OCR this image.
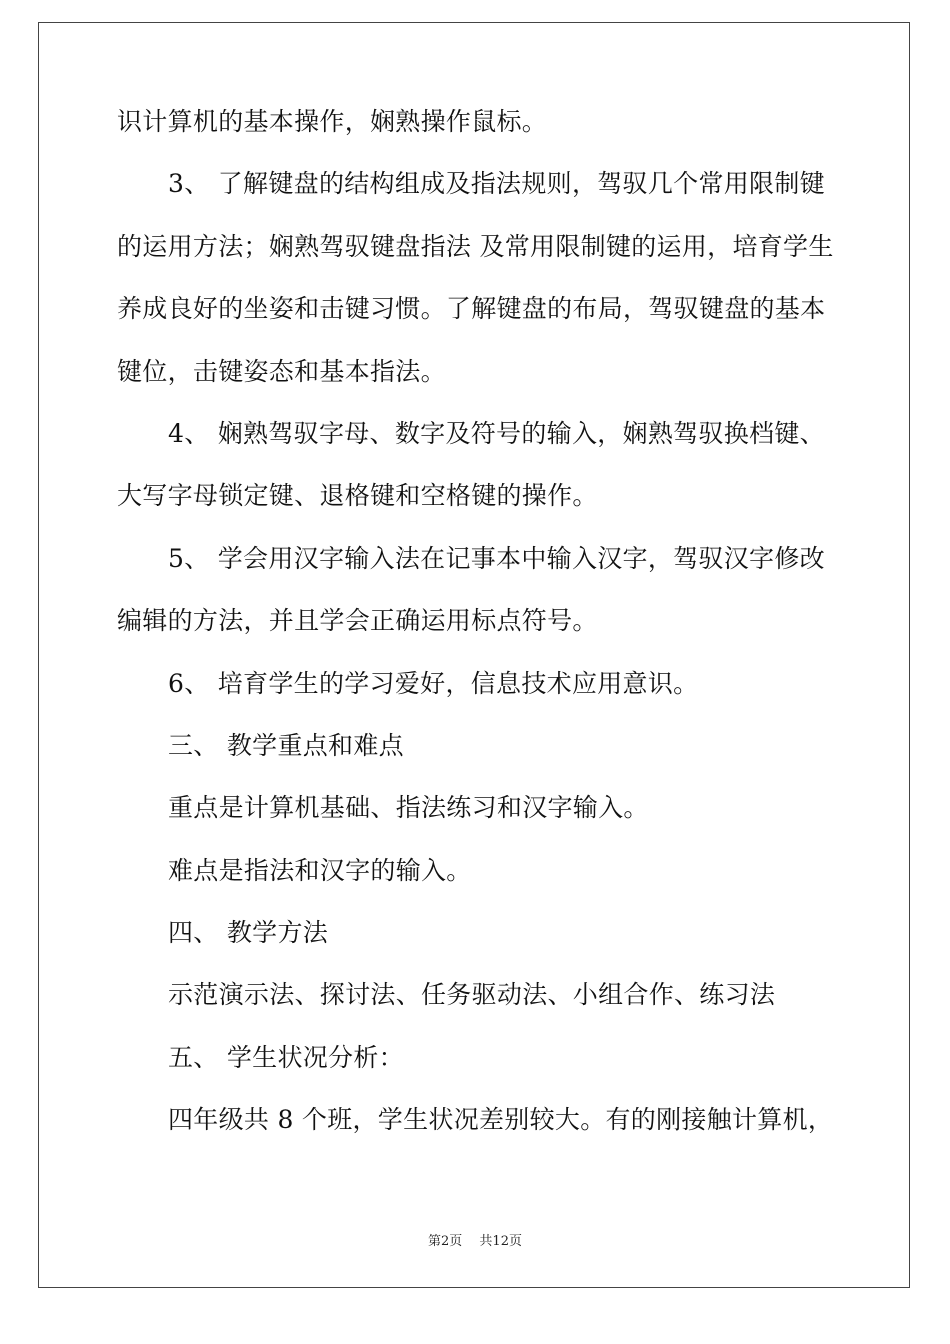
识计算机的基本操作，娴熟操作鼠标。
3、 了解键盘的结构组成及指法规则，驾驭几个常用限制键
的运用方法；娴熟驾驭键盘指法 及常用限制键的运用，培育学生
养成良好的坐姿和击键习惯。了解键盘的布局，驾驭键盘的基本
键位，击键姿态和基本指法。
4、 娴熟驾驭字母、数字及符号的输入，娴熟驾驭换档键、
大写字母锁定键、退格键和空格键的操作。
5、 学会用汉字输入法在记事本中输入汉字，驾驭汉字修改
编辑的方法，并且学会正确运用标点符号。
6、 培育学生的学习爱好，信息技术应用意识。
三、 教学重点和难点
重点是计算机基础、指法练习和汉字输入。
难点是指法和汉字的输入。
四、 教学方法
示范演示法、探讨法、任务驱动法、小组合作、练习法
五、 学生状况分析：
四年级共 8 个班，学生状况差别较大。有的刚接触计算机，
第2页　 共12页
